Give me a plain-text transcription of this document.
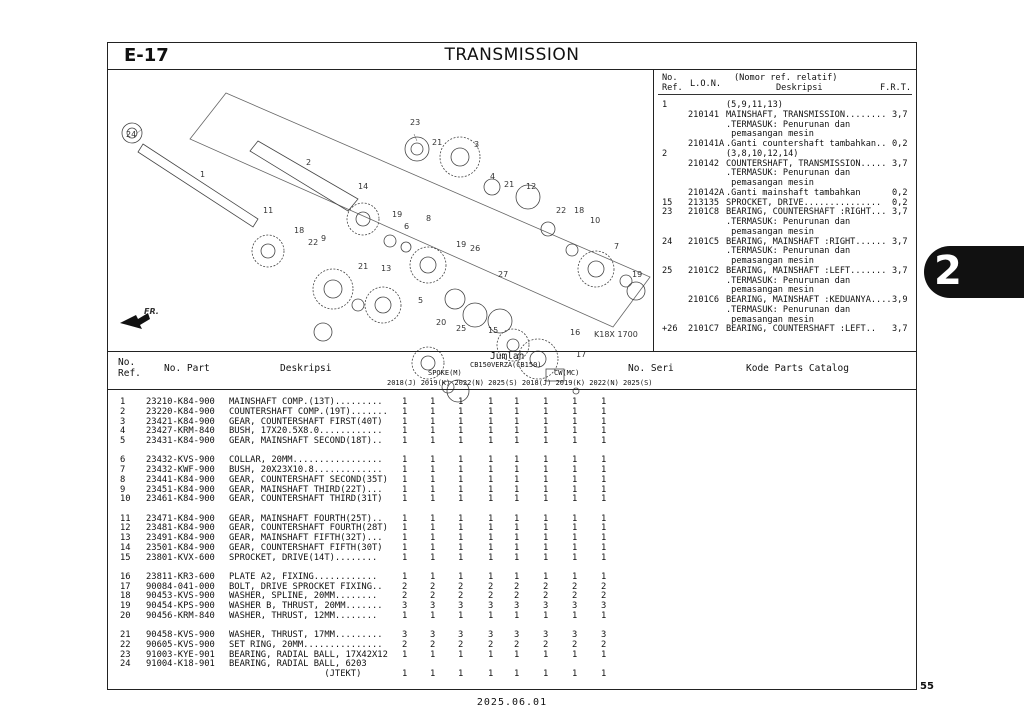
E-17	TRANSMISSION
24
23
21	3
1
2
4
21 12
14
22 18
10
11	19
6
8
7
18
22 9
19 26
13
21
27	19
5
20
25	15	16
17
FR.
K18X 1700
No.
Ref. L.O.N.
(Nomor ref. relatif)
Deskripsi	F.R.T.
1	(5,9,11,13)
210141 MAINSHAFT, TRANSMISSION........ 3,7
.TERMASUK: Penurunan dan
pemasangan mesin
210141A .Ganti countershaft tambahkan.. 0,2
2	(3,8,10,12,14)
210142 COUNTERSHAFT, TRANSMISSION..... 3,7
.TERMASUK: Penurunan dan
pemasangan mesin
210142A .Ganti mainshaft tambahkan	0,2
15 213135 SPROCKET, DRIVE............... 0,2
23 2101C8 BEARING, COUNTERSHAFT :RIGHT... 3,7
.TERMASUK: Penurunan dan
pemasangan mesin
24 2101C5 BEARING, MAINSHAFT :RIGHT...... 3,7
.TERMASUK: Penurunan dan
pemasangan mesin
25 2101C2 BEARING, MAINSHAFT :LEFT....... 3,7
.TERMASUK: Penurunan dan
pemasangan mesin
2101C6 BEARING, MAINSHAFT :KEDUANYA.... 3,9
.TERMASUK: Penurunan dan
pemasangan mesin
+26 2101C7 BEARING, COUNTERSHAFT :LEFT.. 3,7
No.
Ref. No. Part	Deskripsi
Jumlah
CB150VERZA (CB150)
SPOKE(M)	CW(MC)
2018(J) 2019(K) 2022(N) 2025(S) 2018(J) 2019(K) 2022(N) 2025(S)
No. Seri	Kode Parts Catalog
1 23210-K84-900 MAINSHAFT COMP.(13T)......... 1	1	1	1 1	1	1	1
2 23220-K84-900 COUNTERSHAFT COMP.(19T)....... 1	1	1	1 1	1	1	1
3 23421-K84-900 GEAR, COUNTERSHAFT FIRST(40T) 1	1	1	1 1	1	1	1
4 23427-KRM-840 BUSH, 17X20.5X8.0............ 1	1	1	1 1	1	1	1
5 23431-K84-900 GEAR, MAINSHAFT SECOND(18T).. 1	1	1	1 1	1	1	1
6 23432-KVS-900 COLLAR, 20MM................. 1	1	1	1 1	1	1	1
7 23432-KWF-900 BUSH, 20X23X10.8............. 1	1	1	1 1	1	1	1
8 23441-K84-900 GEAR, COUNTERSHAFT SECOND(35T) 1	1	1	1 1	1	1	1
9 23451-K84-900 GEAR, MAINSHAFT THIRD(22T)... 1	1	1	1 1	1	1	1
10 23461-K84-900 GEAR, COUNTERSHAFT THIRD(31T) 1	1	1	1 1	1	1	1
11 23471-K84-900 GEAR, MAINSHAFT FOURTH(25T).. 1	1	1	1 1	1	1	1
12 23481-K84-900 GEAR, COUNTERSHAFT FOURTH(28T) 1	1	1	1 1	1	1	1
13 23491-K84-900 GEAR, MAINSHAFT FIFTH(32T)... 1	1	1	1 1	1	1	1
14 23501-K84-900 GEAR, COUNTERSHAFT FIFTH(30T) 1	1	1	1 1	1	1	1
15 23801-KVX-600 SPROCKET, DRIVE(14T)........	1	1	1	1 1	1	1	1
16 23811-KR3-600 PLATE A2, FIXING............	1	1	1	1 1	1	1	1
17 90084-041-000 BOLT, DRIVE SPROCKET FIXING.. 2	2	2	2 2	2	2	2
18 90453-KVS-900 WASHER, SPLINE, 20MM........	2	2	2	2 2	2	2	2
19 90454-KPS-900 WASHER B, THRUST, 20MM....... 3	3	3	3 3	3	3	3
20 90456-KRM-840 WASHER, THRUST, 12MM........	1	1	1	1 1	1	1	1
21 90458-KVS-900 WASHER, THRUST, 17MM......... 3	3	3	3 3	3	3	3
22 90605-KVS-900 SET RING, 20MM............... 2	2	2	2 2	2	2	2
23 91003-KYE-901 BEARING, RADIAL BALL, 17X42X12 1	1	1	1 1	1	1	1
24 91004-K18-901 BEARING, RADIAL BALL, 6203
(JTEKT)	1	1	1	1 1	1	1	1
2
55
2025.06.01
